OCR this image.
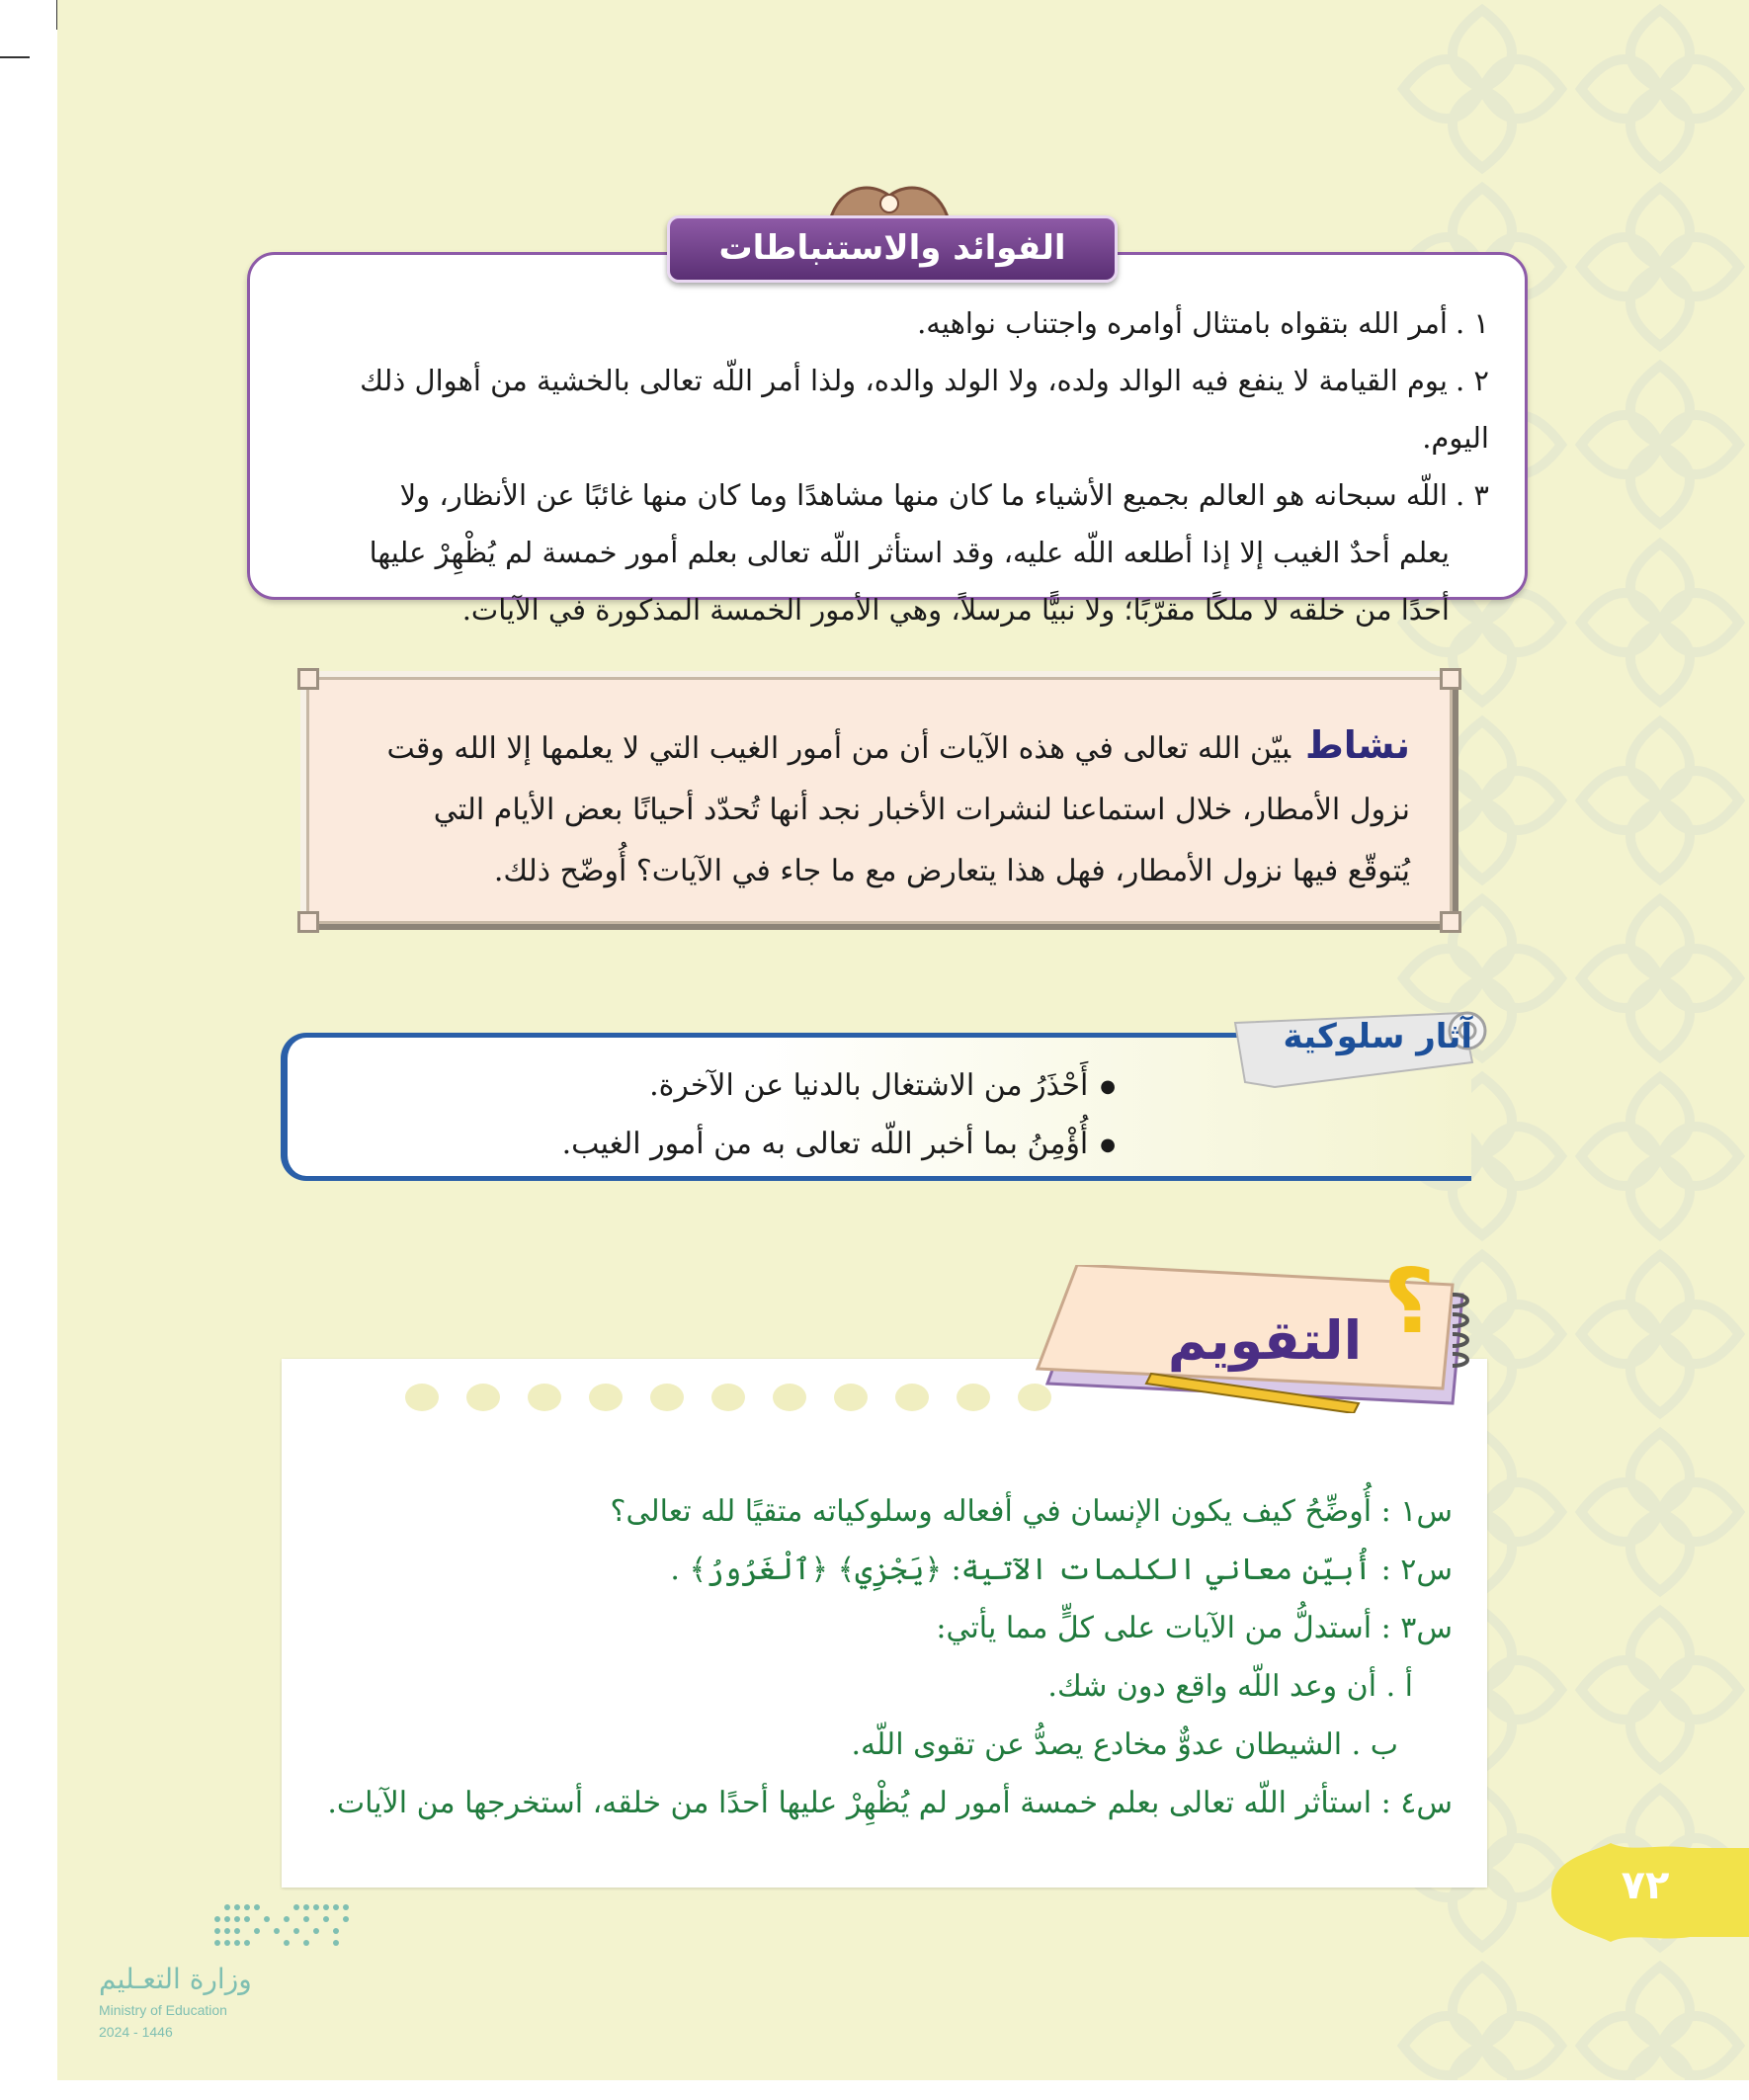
الفوائد والاستنباطات

١ .أمر الله بتقواه بامتثال أوامره واجتناب نواهيه.

٢ .يوم القيامة لا ينفع فيه الوالد ولده، ولا الولد والده، ولذا أمر اللّه تعالى بالخشية من أهوال ذلك اليوم.

٣ .اللّه سبحانه هو العالم بجميع الأشياء ما كان منها مشاهدًا وما كان منها غائبًا عن الأنظار، ولا

يعلم أحدٌ الغيب إلا إذا أطلعه اللّه عليه، وقد استأثر اللّه تعالى بعلم أمور خمسة لم يُظْهِرْ عليها

أحدًا من خلقه لا ملكًا مقرّبًا؛ ولا نبيًّا مرسلاً، وهي الأمور الخمسة المذكورة في الآيات.

نشاطبيّن الله تعالى في هذه الآيات أن من أمور الغيب التي لا يعلمها إلا الله وقت

نزول الأمطار، خلال استماعنا لنشرات الأخبار نجد أنها تُحدّد أحيانًا بعض الأيام التي

يُتوقّع فيها نزول الأمطار، فهل هذا يتعارض مع ما جاء في الآيات؟ أُوضّح ذلك.

● أَحْذَرُ من الاشتغال بالدنيا عن الآخرة.
● أُؤْمِنُ بما أخبر اللّه تعالى به من أمور الغيب.
آثار سلوكية
؟
التقويم

س١ : أُوضِّحُ كيف يكون الإنسان في أفعاله وسلوكياته متقيًا لله تعالى؟

س٢ : أُبيّن معاني الكلمات الآتية: ﴿يَجْزِي﴾ ﴿ٱلْغَرُورُ﴾ .

س٣ : أستدلُّ من الآيات على كلٍّ مما يأتي:

أ . أن وعد اللّه واقع دون شك.

ب . الشيطان عدوٌّ مخادع يصدُّ عن تقوى اللّه.

س٤ : استأثر اللّه تعالى بعلم خمسة أمور لم يُظْهِرْ عليها أحدًا من خلقه، أستخرجها من الآيات.

٧٢
وزارة التعـليم
Ministry of Education
2024 - 1446
